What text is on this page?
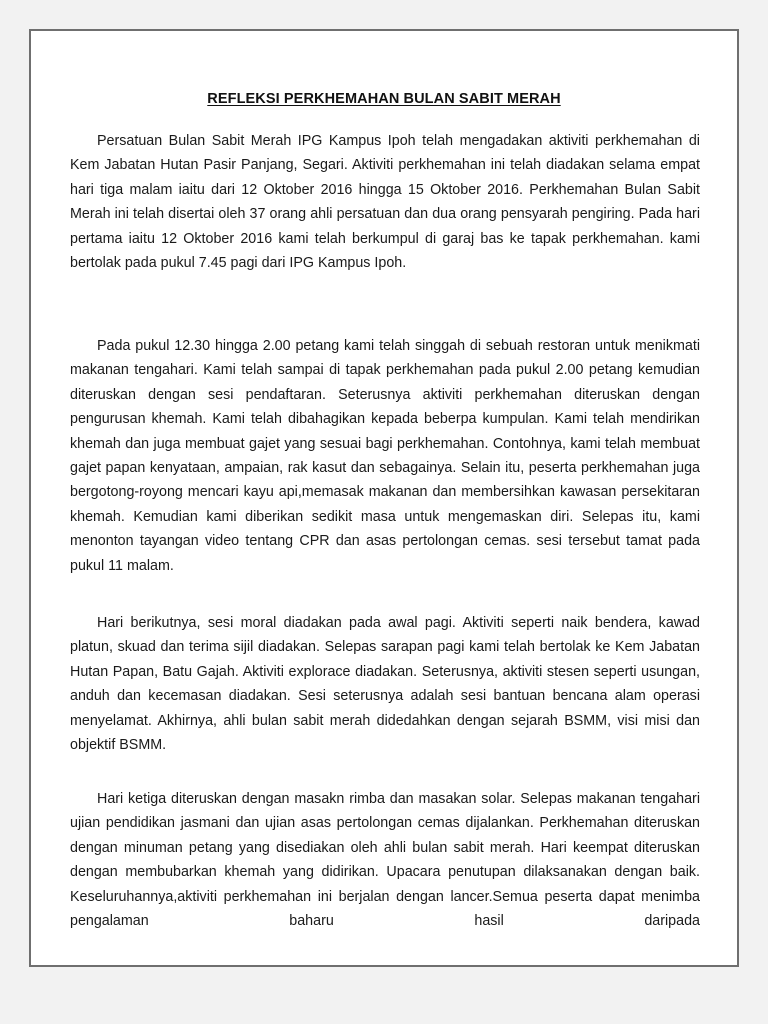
REFLEKSI PERKHEMAHAN BULAN SABIT MERAH

Persatuan Bulan Sabit Merah IPG Kampus Ipoh telah mengadakan aktiviti perkhemahan di Kem Jabatan Hutan Pasir Panjang, Segari. Aktiviti perkhemahan ini telah diadakan selama empat hari tiga malam iaitu dari 12 Oktober 2016 hingga 15 Oktober 2016. Perkhemahan Bulan Sabit Merah ini telah disertai oleh 37 orang ahli persatuan dan dua orang pensyarah pengiring. Pada hari pertama iaitu 12 Oktober 2016 kami telah berkumpul di garaj bas ke tapak perkhemahan. kami bertolak pada pukul 7.45 pagi dari IPG Kampus Ipoh.

Pada pukul 12.30 hingga 2.00 petang kami telah singgah di sebuah restoran untuk menikmati makanan tengahari. Kami telah sampai di tapak perkhemahan pada pukul 2.00 petang kemudian diteruskan dengan sesi pendaftaran. Seterusnya aktiviti perkhemahan diteruskan dengan pengurusan khemah. Kami telah dibahagikan kepada beberpa kumpulan. Kami telah mendirikan khemah dan juga membuat gajet yang sesuai bagi perkhemahan. Contohnya, kami telah membuat gajet papan kenyataan, ampaian, rak kasut dan sebagainya. Selain itu, peserta perkhemahan juga bergotong-royong mencari kayu api,memasak makanan dan membersihkan kawasan persekitaran khemah. Kemudian kami diberikan sedikit masa untuk mengemaskan diri. Selepas itu, kami menonton tayangan video tentang CPR dan asas pertolongan cemas. sesi tersebut tamat pada pukul 11 malam.

Hari berikutnya, sesi moral diadakan pada awal pagi. Aktiviti seperti naik bendera, kawad platun, skuad dan terima sijil diadakan. Selepas sarapan pagi kami telah bertolak ke Kem Jabatan Hutan Papan, Batu Gajah. Aktiviti explorace diadakan. Seterusnya, aktiviti stesen seperti usungan, anduh dan kecemasan diadakan. Sesi seterusnya adalah sesi bantuan bencana alam operasi menyelamat. Akhirnya, ahli bulan sabit merah didedahkan dengan sejarah BSMM, visi misi dan objektif BSMM.

Hari ketiga diteruskan dengan masakn rimba dan masakan solar. Selepas makanan tengahari ujian pendidikan jasmani dan ujian asas pertolongan cemas dijalankan. Perkhemahan diteruskan dengan minuman petang yang disediakan oleh ahli bulan sabit merah. Hari keempat diteruskan dengan membubarkan khemah yang didirikan. Upacara penutupan dilaksanakan dengan baik. Keseluruhannya,aktiviti perkhemahan ini berjalan dengan lancer.Semua peserta dapat menimba pengalaman baharu hasil daripada
